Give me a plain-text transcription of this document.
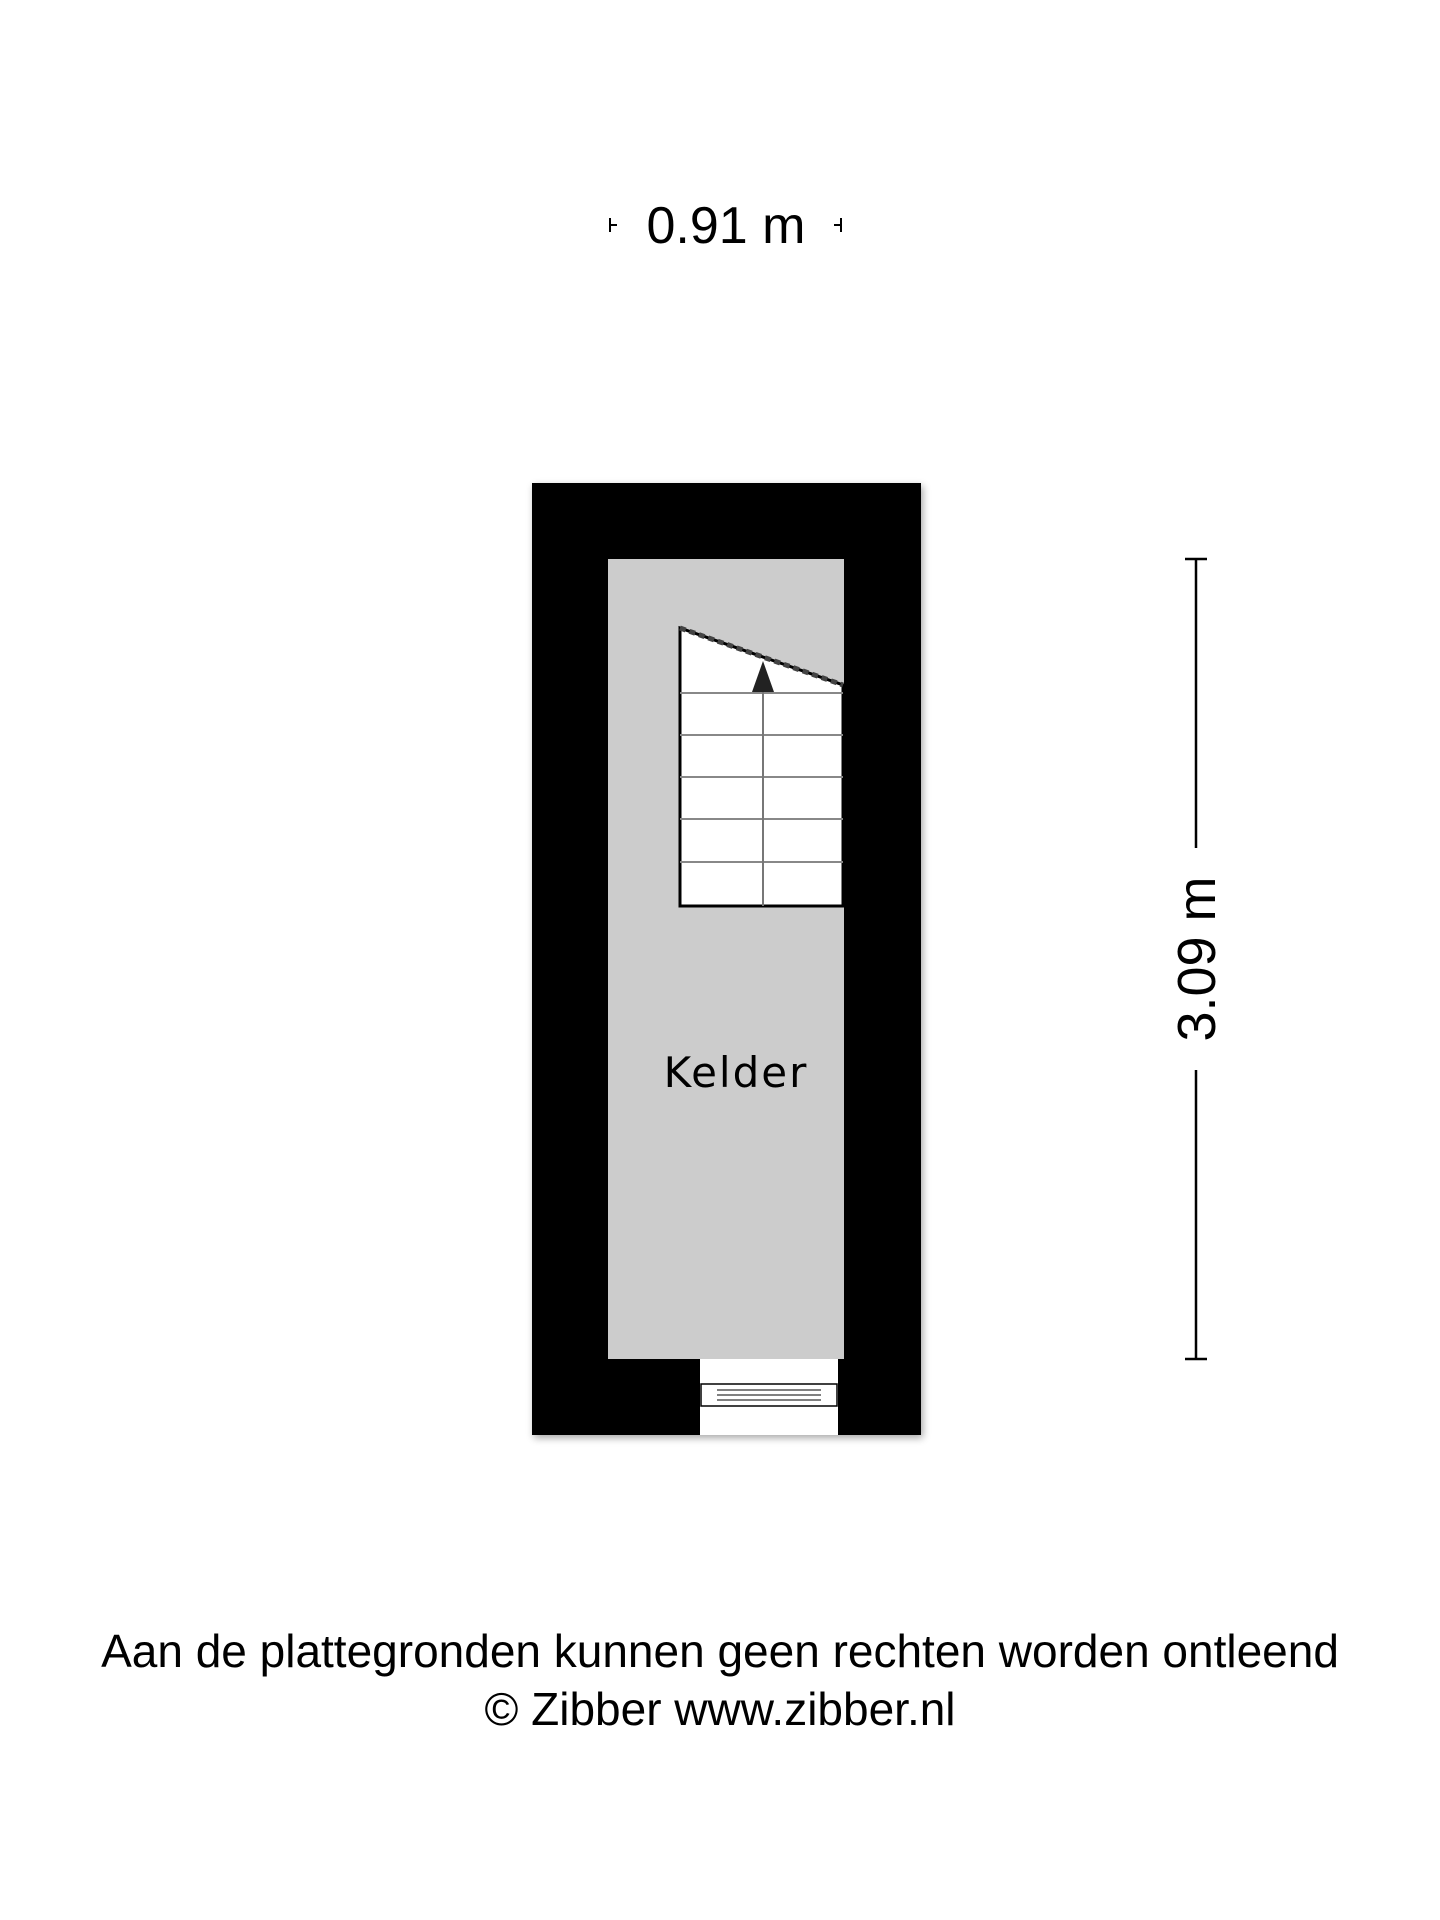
0.91 m
Kelder
3.09 m
Aan de plattegronden kunnen geen rechten worden ontleend
© Zibber www.zibber.nl
